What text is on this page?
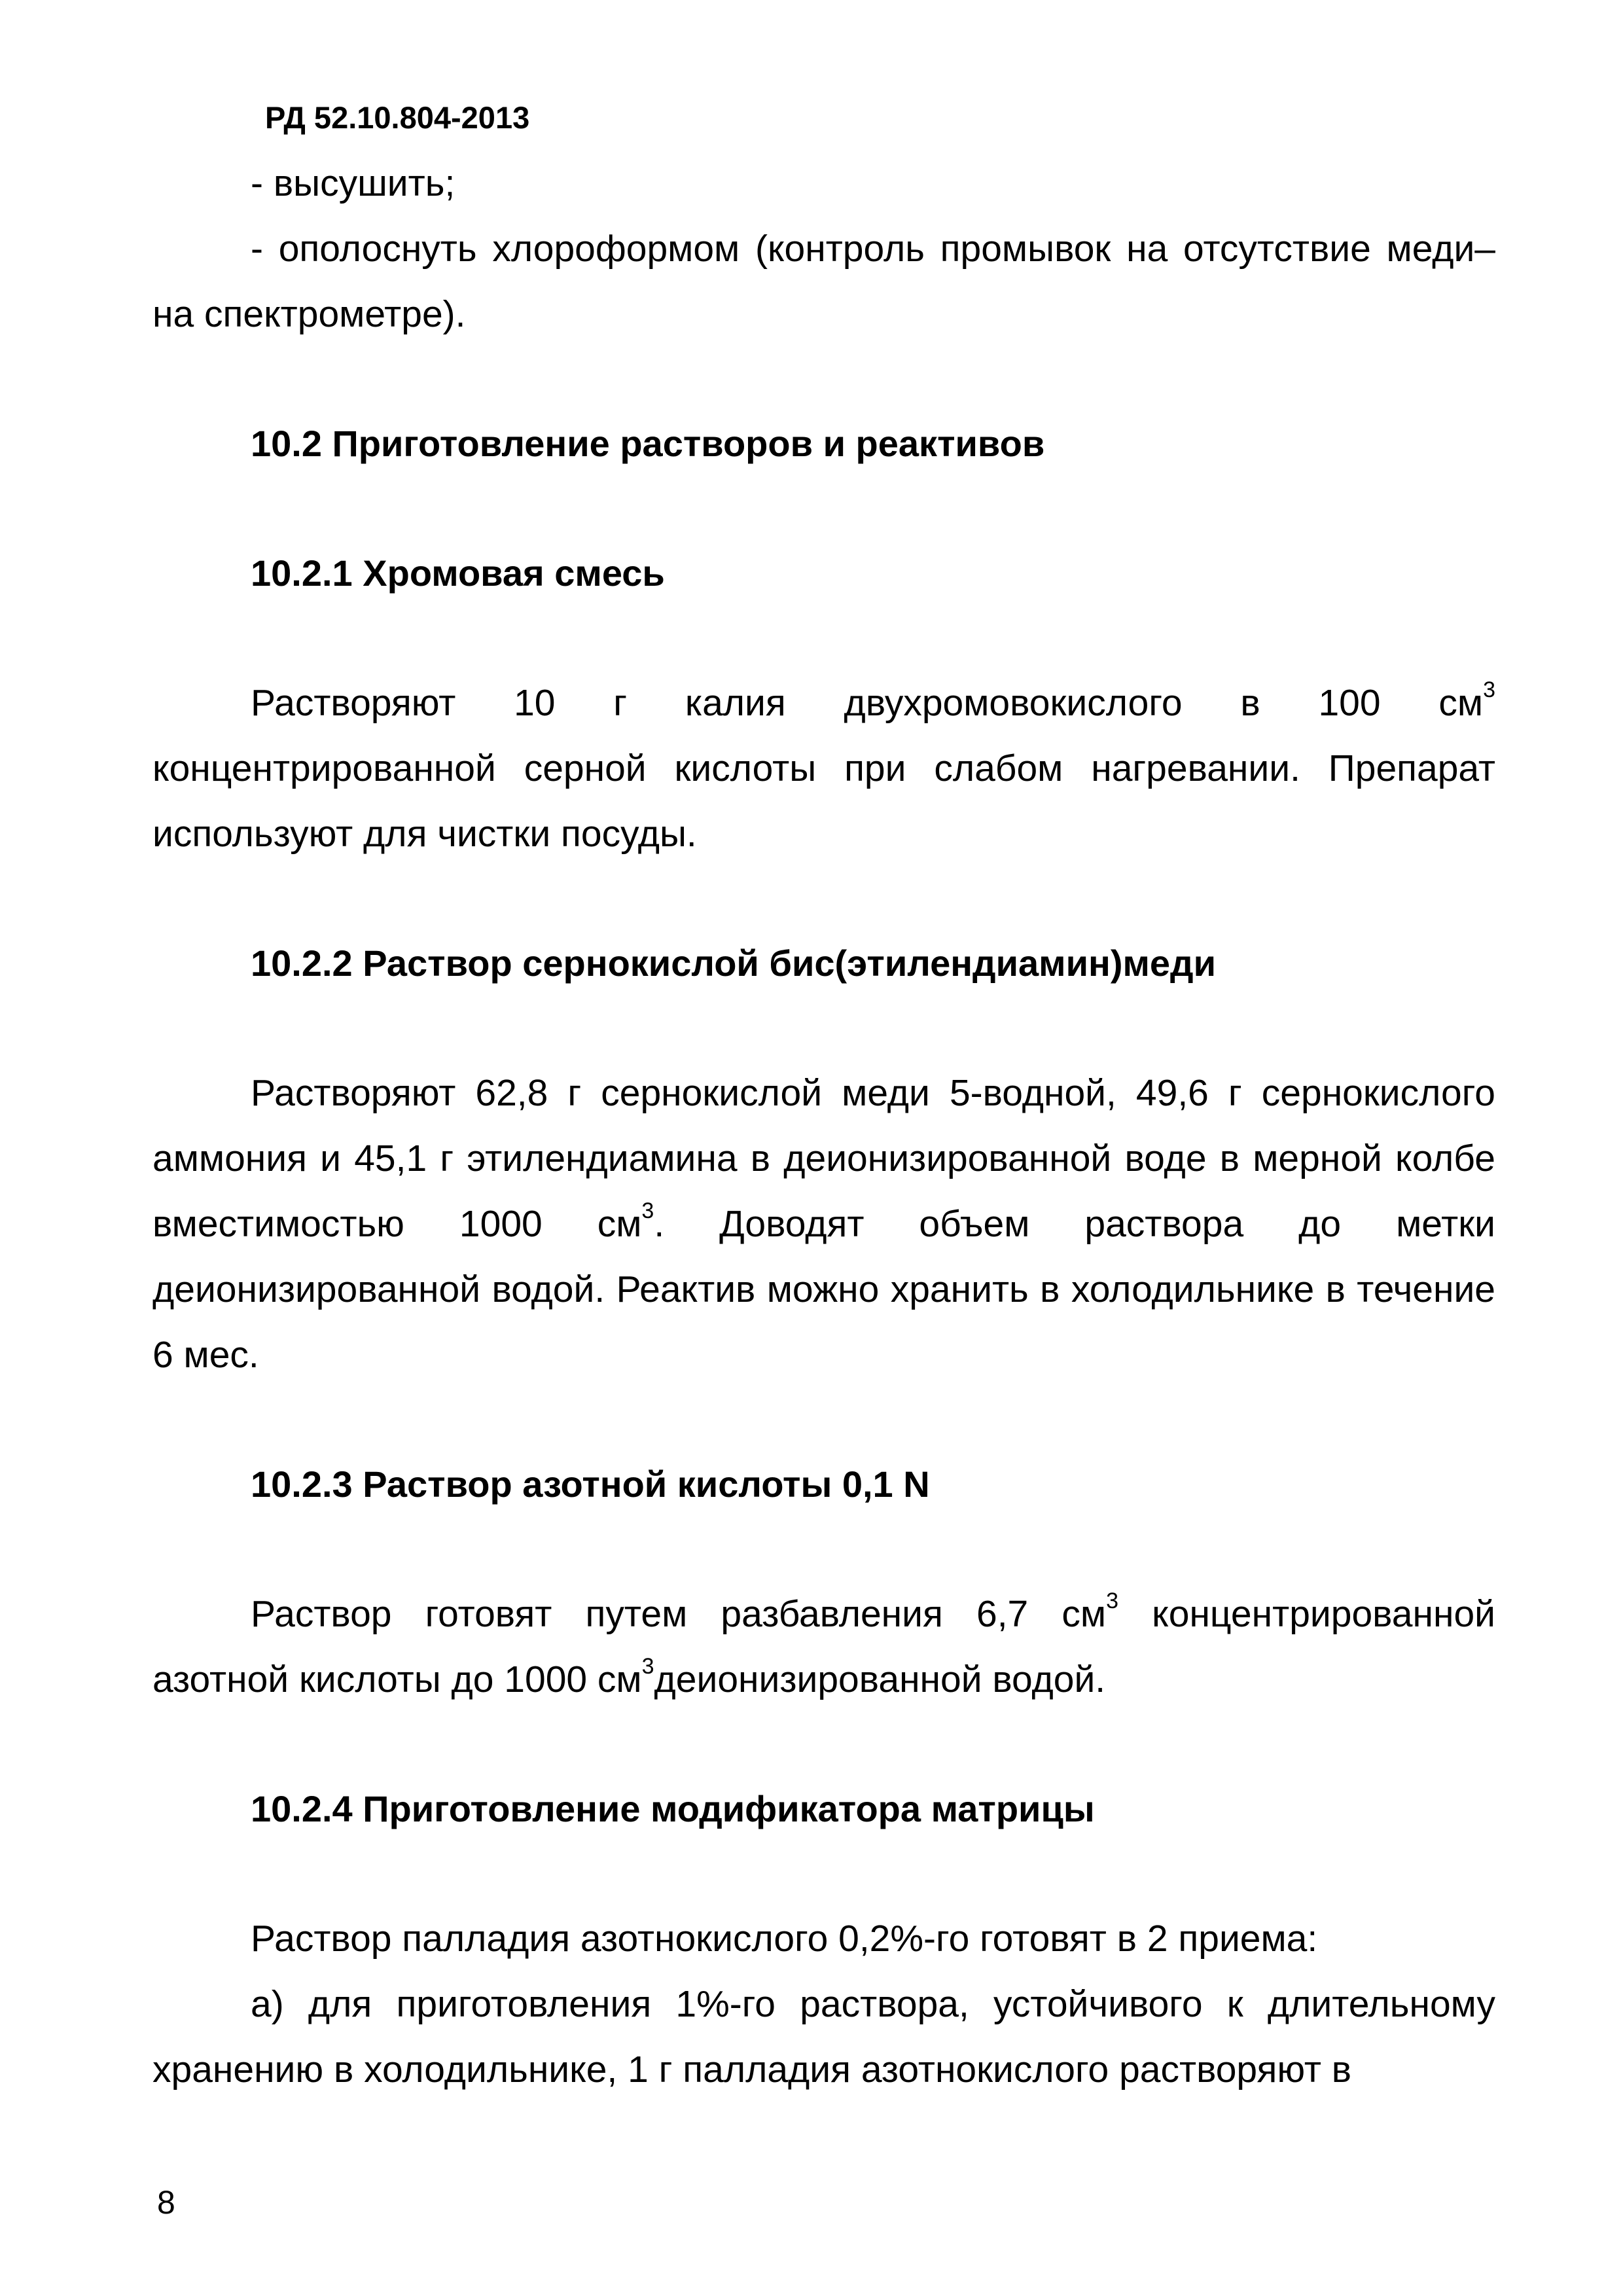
РД 52.10.804-2013

- высушить;

- ополоснуть хлороформом (контроль промывок на отсутствие меди– на спектрометре).

10.2 Приготовление растворов и реактивов

10.2.1 Хромовая смесь

Растворяют 10 г калия двухромовокислого в 100 $см^3$ концентрированной серной кислоты при слабом нагревании. Препарат используют для чистки посуды.

10.2.2 Раствор сернокислой бис(этилендиамин)меди

Растворяют 62,8 г сернокислой меди 5-водной, 49,6 г сернокислого аммония и 45,1 г этилендиамина в деионизированной воде в мерной колбе вместимостью 1000 $см^3$. Доводят объем раствора до метки деионизированной водой. Реактив можно хранить в холодильнике в течение 6 мес.

10.2.3 Раствор азотной кислоты 0,1 N

Раствор готовят путем разбавления 6,7 $см^3$ концентрированной азотной кислоты до 1000 $см^3деионизированной$ водой.

10.2.4 Приготовление модификатора матрицы

Раствор палладия азотнокислого 0,2%-го готовят в 2 приема:

а) для приготовления 1%-го раствора, устойчивого к длительному хранению в холодильнике, 1 г палладия азотнокислого растворяют в

8
